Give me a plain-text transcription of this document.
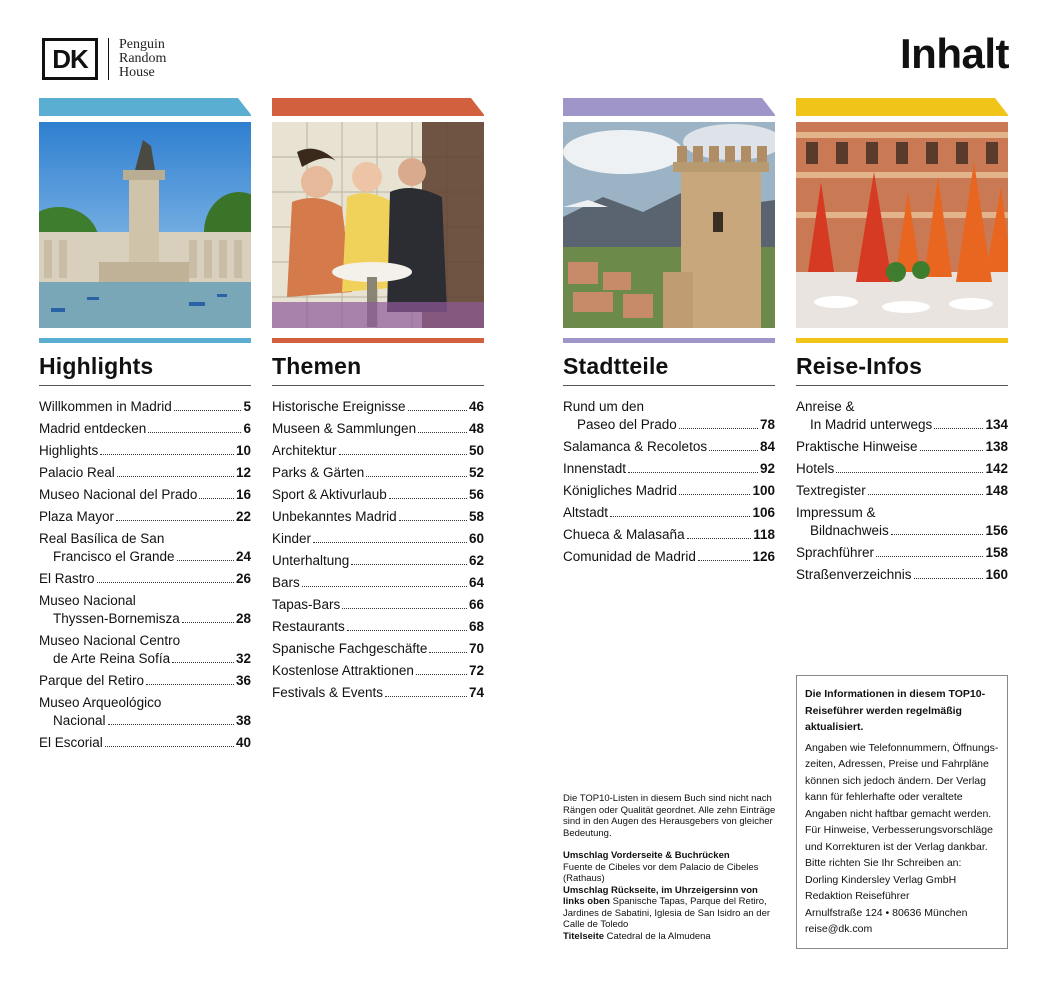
DK	Penguin
Random
House	Inhalt
Highlights
Willkommen in Madrid	5
Madrid entdecken	6
Highlights	10
Palacio Real	12
Museo Nacional del Prado	16
Plaza Mayor	22
Real Basílica de San
Francisco el Grande	24
El Rastro	26
Museo Nacional
Thyssen-Bornemisza	28
Museo Nacional Centro
de Arte Reina Sofía	32
Parque del Retiro	36
Museo Arqueológico
Nacional	38
El Escorial	40
Themen
Historische Ereignisse	46
Museen & Sammlungen	48
Architektur	50
Parks & Gärten	52
Sport & Aktivurlaub	56
Unbekanntes Madrid	58
Kinder	60
Unterhaltung	62
Bars	64
Tapas-Bars	66
Restaurants	68
Spanische Fachgeschäfte	70
Kostenlose Attraktionen	72
Festivals & Events	74
Stadtteile
Rund um den
Paseo del Prado	78
Salamanca & Recoletos	84
Innenstadt	92
Königliches Madrid	100
Altstadt	106
Chueca & Malasaña	118
Comunidad de Madrid	126
Reise-Infos
Anreise &
In Madrid unterwegs	134
Praktische Hinweise	138
Hotels	142
Textregister	148
Impressum &
Bildnachweis	156
Sprachführer	158
Straßenverzeichnis	160

Die TOP10-Listen in diesem Buch sind nicht nach Rängen oder Qualität geordnet. Alle zehn Einträge sind in den Augen des Herausgebers von gleicher Bedeutung.

Umschlag Vorderseite & Buchrücken
Fuente de Cibeles vor dem Palacio de Cibeles (Rathaus)
Umschlag Rückseite, im Uhrzeigersinn von links oben Spanische Tapas, Parque del Retiro, Jardines de Sabatini, Iglesia de San Isidro an der Calle de Toledo
Titelseite Catedral de la Almudena
Die Informationen in diesem TOP10-Reiseführer werden regelmäßig aktualisiert.
Angaben wie Telefonnummern, Öffnungs-
zeiten, Adressen, Preise und Fahrpläne
können sich jedoch ändern. Der Verlag
kann für fehlerhafte oder veraltete
Angaben nicht haftbar gemacht werden.
Für Hinweise, Verbesserungsvorschläge
und Korrekturen ist der Verlag dankbar.
Bitte richten Sie Ihr Schreiben an:
Dorling Kindersley Verlag GmbH
Redaktion Reiseführer
Arnulfstraße 124 • 80636 München
reise@dk.com
